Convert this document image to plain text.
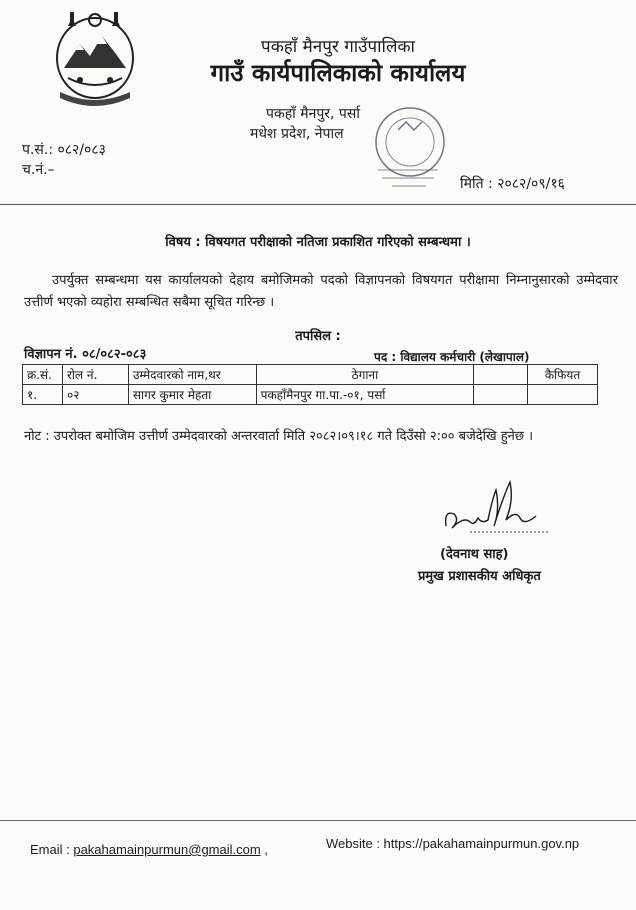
पकहाँ मैनपुर गाउँपालिका
गाउँ कार्यपालिकाको कार्यालय
पकहाँ मैनपुर, पर्सा
मधेश प्रदेश, नेपाल
प.सं.: ०८२/०८३
च.नं.–
मिति : २०८२/०९/१६
विषय : विषयगत परीक्षाको नतिजा प्रकाशित गरिएको सम्बन्धमा ।
उपर्युक्त सम्बन्धमा यस कार्यालयको देहाय बमोजिमको पदको विज्ञापनको विषयगत परीक्षामा निम्नानुसारको उम्मेदवार उत्तीर्ण भएको व्यहोरा सम्बन्धित सबैमा सूचित गरिन्छ ।
तपसिल :
विज्ञापन नं. ०८/०८२-०८३	पद : विद्यालय कर्मचारी (लेखापाल)
क्र.सं.	रोल नं.	उम्मेदवारको नाम,थर	ठेगाना		कैफियत
१.	०२	सागर कुमार मेहता	पकहाँमैनपुर गा.पा.-०१, पर्सा		
नोट : उपरोक्त बमोजिम उत्तीर्ण उम्मेदवारको अन्तरवार्ता मिति २०८२।०९।१८ गते दिउँसो २:०० बजेदेखि हुनेछ ।
(देवनाथ साह)
प्रमुख प्रशासकीय अधिकृत
Email : pakahamainpurmun@gmail.com ,	Website : https://pakahamainpurmun.gov.np
